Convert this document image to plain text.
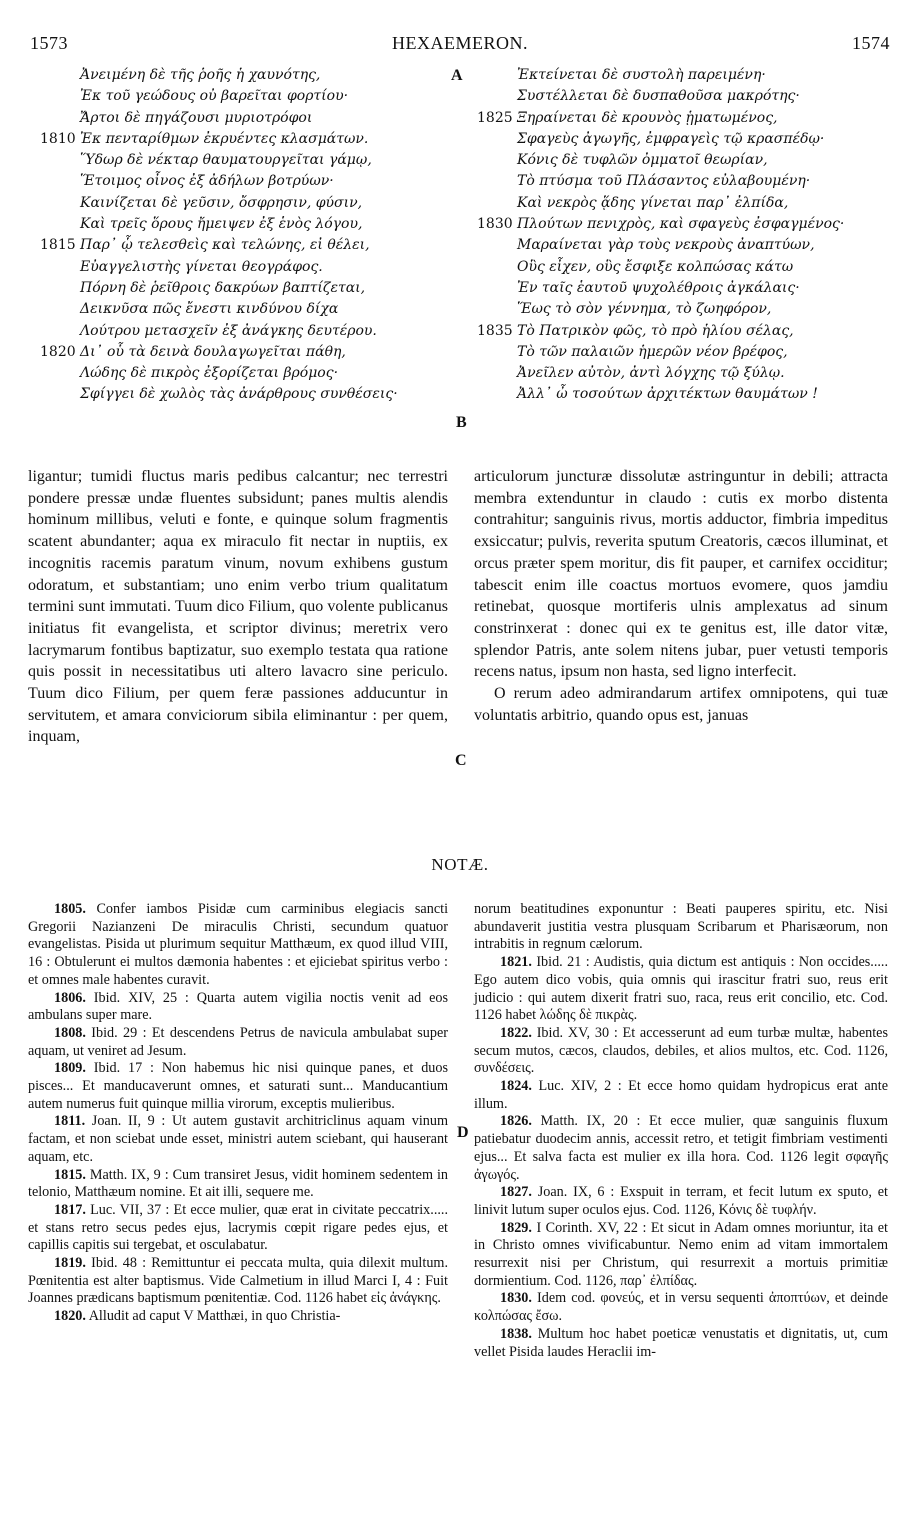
1573	HEXAEMERON.	1574
A
B
C
D
Ἀνειμένη δὲ τῆς ῥοῆς ἡ χαυνότης,
Ἐκ τοῦ γεώδους οὐ βαρεῖται φορτίου·
Ἄρτοι δὲ πηγάζουσι μυριοτρόφοι
1810 Ἐκ πενταρίθμων ἐκρυέντες κλασμάτων.
Ὕδωρ δὲ νέκταρ θαυματουργεῖται γάμῳ,
Ἕτοιμος οἶνος ἐξ ἀδήλων βοτρύων·
Καινίζεται δὲ γεῦσιν, ὄσφρησιν, φύσιν,
Καὶ τρεῖς ὅρους ἤμειψεν ἐξ ἑνὸς λόγου,
1815 Παρ᾽ ᾧ τελεσθεὶς καὶ τελώνης, εἰ θέλει,
Εὐαγγελιστὴς γίνεται θεογράφος.
Πόρνη δὲ ῥεῖθροις δακρύων βαπτίζεται,
Δεικνῦσα πῶς ἔνεστι κινδύνου δίχα
Λούτρου μετασχεῖν ἐξ ἀνάγκης δευτέρου.
1820 Δι᾽ οὗ τὰ δεινὰ δουλαγωγεῖται πάθη,
Λώδης δὲ πικρὸς ἐξορίζεται βρόμος·
Σφίγγει δὲ χωλὸς τὰς ἀνάρθρους συνθέσεις·
Ἐκτείνεται δὲ συστολὴ παρειμένη·
Συστέλλεται δὲ δυσπαθοῦσα μακρότης·
1825 Ξηραίνεται δὲ κρουνὸς ᾑματωμένος,
Σφαγεὺς ἀγωγῆς, ἐμφραγεὶς τῷ κρασπέδῳ·
Κόνις δὲ τυφλῶν ὀμματοῖ θεωρίαν,
Τὸ πτύσμα τοῦ Πλάσαντος εὐλαβουμένη·
Καὶ νεκρὸς ᾅδης γίνεται παρ᾽ ἐλπίδα,
1830 Πλούτων πενιχρὸς, καὶ σφαγεὺς ἐσφαγμένος·
Μαραίνεται γὰρ τοὺς νεκροὺς ἀναπτύων,
Οὓς εἶχεν, οὓς ἔσφιξε κολπώσας κάτω
Ἐν ταῖς ἑαυτοῦ ψυχολέθροις ἀγκάλαις·
Ἕως τὸ σὸν γέννημα, τὸ ζωηφόρον,
1835 Τὸ Πατρικὸν φῶς, τὸ πρὸ ἡλίου σέλας,
Τὸ τῶν παλαιῶν ἡμερῶν νέον βρέφος,
Ἀνεῖλεν αὐτὸν, ἀντὶ λόγχης τῷ ξύλῳ.
Ἀλλ᾽ ὦ τοσούτων ἀρχιτέκτων θαυμάτων !

ligantur; tumidi fluctus maris pedibus calcantur; nec terrestri pondere pressæ undæ fluentes subsidunt; panes multis alendis hominum millibus, veluti e fonte, e quinque solum fragmentis scatent abundanter; aqua ex miraculo fit nectar in nuptiis, ex incognitis racemis paratum vinum, novum exhibens gustum odoratum, et substantiam; uno enim verbo trium qualitatum termini sunt immutati. Tuum dico Filium, quo volente publicanus initiatus fit evangelista, et scriptor divinus; meretrix vero lacrymarum fontibus baptizatur, suo exemplo testata qua ratione quis possit in necessitatibus uti altero lavacro sine periculo. Tuum dico Filium, per quem feræ passiones adducuntur in servitutem, et amara conviciorum sibila eliminantur : per quem, inquam,

articulorum juncturæ dissolutæ astringuntur in debili; attracta membra extenduntur in claudo : cutis ex morbo distenta contrahitur; sanguinis rivus, mortis adductor, fimbria impeditus exsiccatur; pulvis, reverita sputum Creatoris, cæcos illuminat, et orcus præter spem moritur, dis fit pauper, et carnifex occiditur; tabescit enim ille coactus mortuos evomere, quos jamdiu retinebat, quosque mortiferis ulnis amplexatus ad sinum constrinxerat : donec qui ex te genitus est, ille dator vitæ, splendor Patris, ante solem nitens jubar, puer vetusti temporis recens natus, ipsum non hasta, sed ligno interfecit.

O rerum adeo admirandarum artifex omnipotens, qui tuæ voluntatis arbitrio, quando opus est, januas

NOTÆ.

1805. Confer iambos Pisidæ cum carminibus elegiacis sancti Gregorii Nazianzeni De miraculis Christi, secundum quatuor evangelistas. Pisida ut plurimum sequitur Matthæum, ex quod illud VIII, 16 : Obtulerunt ei multos dæmonia habentes : et ejiciebat spiritus verbo : et omnes male habentes curavit.

1806. Ibid. XIV, 25 : Quarta autem vigilia noctis venit ad eos ambulans super mare.

1808. Ibid. 29 : Et descendens Petrus de navicula ambulabat super aquam, ut veniret ad Jesum.

1809. Ibid. 17 : Non habemus hic nisi quinque panes, et duos pisces... Et manducaverunt omnes, et saturati sunt... Manducantium autem numerus fuit quinque millia virorum, exceptis mulieribus.

1811. Joan. II, 9 : Ut autem gustavit architriclinus aquam vinum factam, et non sciebat unde esset, ministri autem sciebant, qui hauserant aquam, etc.

1815. Matth. IX, 9 : Cum transiret Jesus, vidit hominem sedentem in telonio, Matthæum nomine. Et ait illi, sequere me.

1817. Luc. VII, 37 : Et ecce mulier, quæ erat in civitate peccatrix..... et stans retro secus pedes ejus, lacrymis cœpit rigare pedes ejus, et capillis capitis sui tergebat, et osculabatur.

1819. Ibid. 48 : Remittuntur ei peccata multa, quia dilexit multum. Pœnitentia est alter baptismus. Vide Calmetium in illud Marci I, 4 : Fuit Joannes prædicans baptismum pœnitentiæ. Cod. 1126 habet εἰς ἀνάγκης.

1820. Alludit ad caput V Matthæi, in quo Christia-

norum beatitudines exponuntur : Beati pauperes spiritu, etc. Nisi abundaverit justitia vestra plusquam Scribarum et Pharisæorum, non intrabitis in regnum cælorum.

1821. Ibid. 21 : Audistis, quia dictum est antiquis : Non occides..... Ego autem dico vobis, quia omnis qui irascitur fratri suo, reus erit judicio : qui autem dixerit fratri suo, raca, reus erit concilio, etc. Cod. 1126 habet λώδης δὲ πικρὰς.

1822. Ibid. XV, 30 : Et accesserunt ad eum turbæ multæ, habentes secum mutos, cæcos, claudos, debiles, et alios multos, etc. Cod. 1126, συνδέσεις.

1824. Luc. XIV, 2 : Et ecce homo quidam hydropicus erat ante illum.

1826. Matth. IX, 20 : Et ecce mulier, quæ sanguinis fluxum patiebatur duodecim annis, accessit retro, et tetigit fimbriam vestimenti ejus... Et salva facta est mulier ex illa hora. Cod. 1126 legit σφαγῆς ἀγωγός.

1827. Joan. IX, 6 : Exspuit in terram, et fecit lutum ex sputo, et linivit lutum super oculos ejus. Cod. 1126, Κόνις δὲ τυφλήν.

1829. I Corinth. XV, 22 : Et sicut in Adam omnes moriuntur, ita et in Christo omnes vivificabuntur. Nemo enim ad vitam immortalem resurrexit nisi per Christum, qui resurrexit a mortuis primitiæ dormientium. Cod. 1126, παρ᾽ ἐλπίδας.

1830. Idem cod. φονεύς, et in versu sequenti ἀποπτύων, et deinde κολπώσας ἔσω.

1838. Multum hoc habet poeticæ venustatis et dignitatis, ut, cum vellet Pisida laudes Heraclii im-
